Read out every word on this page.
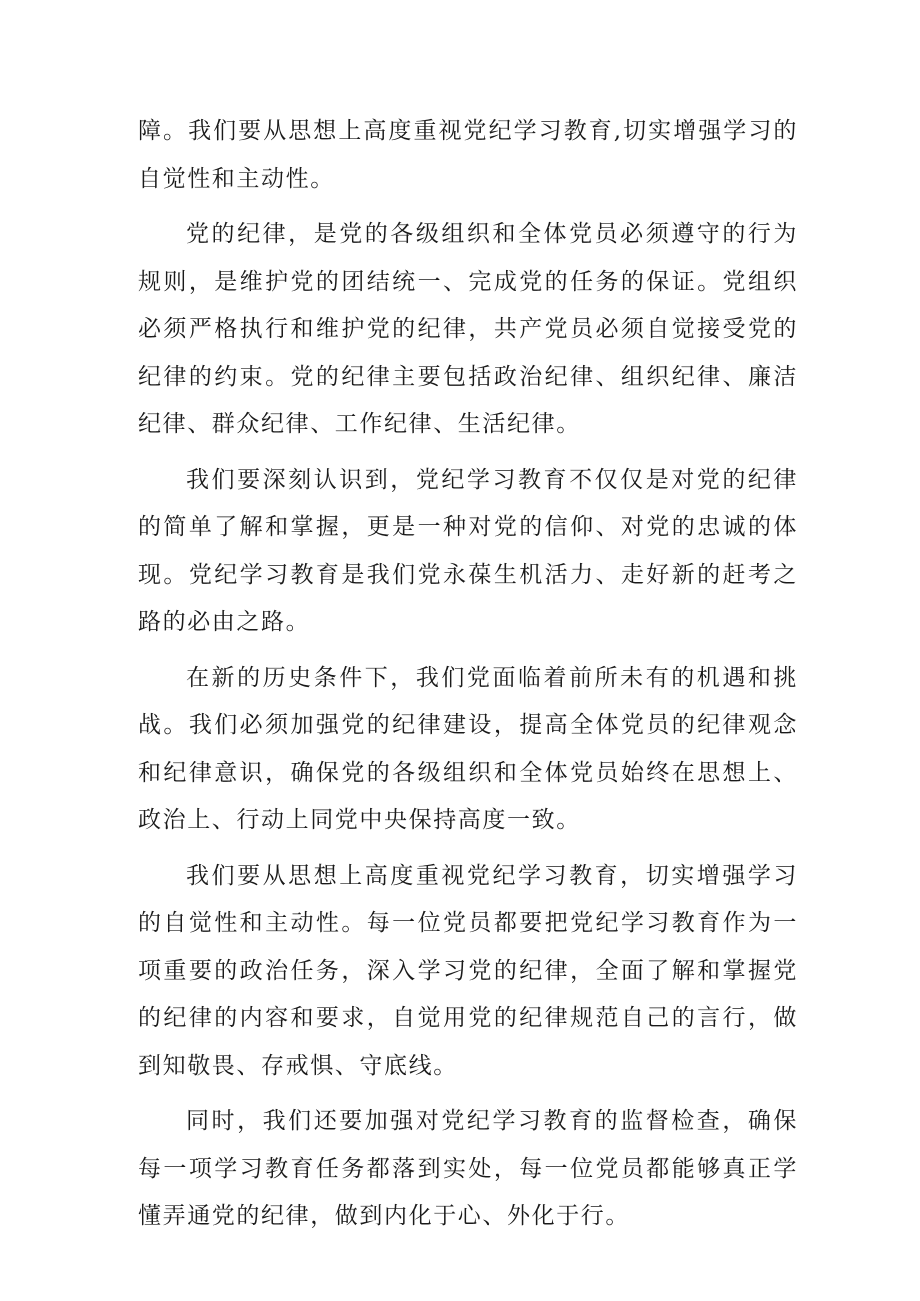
障。我们要从思想上高度重视党纪学习教育,切实增强学习的自觉性和主动性。

党的纪律，是党的各级组织和全体党员必须遵守的行为规则，是维护党的团结统一、完成党的任务的保证。党组织必须严格执行和维护党的纪律，共产党员必须自觉接受党的纪律的约束。党的纪律主要包括政治纪律、组织纪律、廉洁纪律、群众纪律、工作纪律、生活纪律。

我们要深刻认识到，党纪学习教育不仅仅是对党的纪律的简单了解和掌握，更是一种对党的信仰、对党的忠诚的体现。党纪学习教育是我们党永葆生机活力、走好新的赶考之路的必由之路。

在新的历史条件下，我们党面临着前所未有的机遇和挑战。我们必须加强党的纪律建设，提高全体党员的纪律观念和纪律意识，确保党的各级组织和全体党员始终在思想上、政治上、行动上同党中央保持高度一致。

我们要从思想上高度重视党纪学习教育，切实增强学习的自觉性和主动性。每一位党员都要把党纪学习教育作为一项重要的政治任务，深入学习党的纪律，全面了解和掌握党的纪律的内容和要求，自觉用党的纪律规范自己的言行，做到知敬畏、存戒惧、守底线。

同时，我们还要加强对党纪学习教育的监督检查，确保每一项学习教育任务都落到实处，每一位党员都能够真正学懂弄通党的纪律，做到内化于心、外化于行。
